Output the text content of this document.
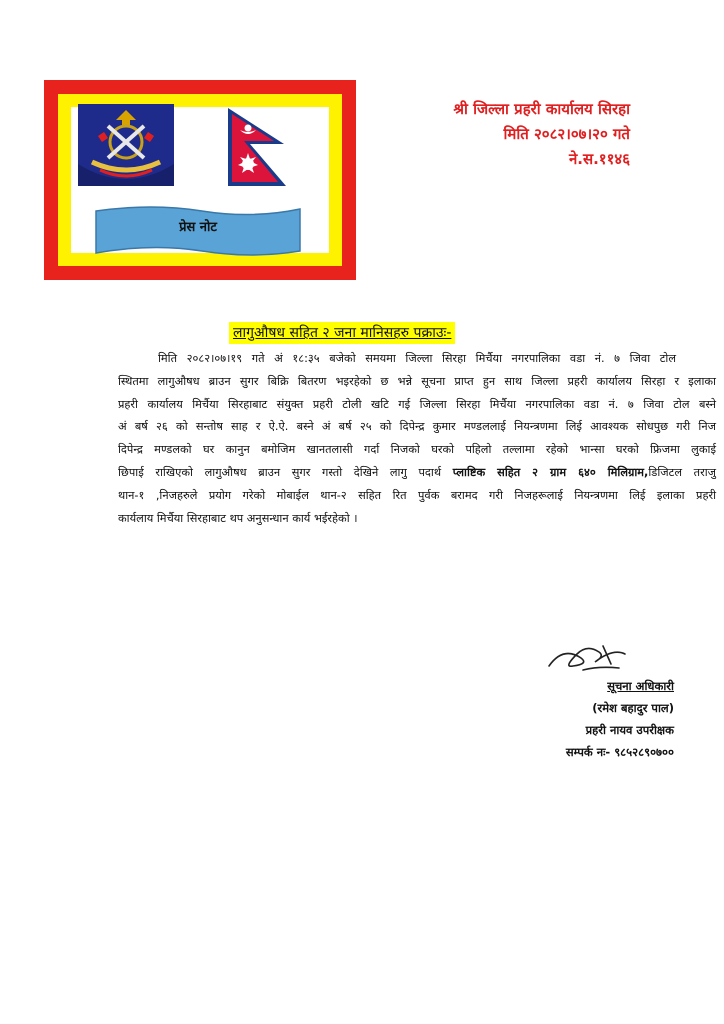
प्रेस नोट
श्री जिल्ला प्रहरी कार्यालय सिरहा
मिति २०८२।०७।२० गते
ने.स.११४६
लागुऔषध सहित २ जना मानिसहरु पक्राउः-
मिति २०८२।०७।१९ गते अं १८:३५ बजेको समयमा जिल्ला सिरहा मिर्चैया नगरपालिका वडा नं. ७ जिवा टोल
स्थितमा लागुऔषध ब्राउन सुगर बिक्रि बितरण भइरहेको छ भन्ने सूचना प्राप्त हुन साथ जिल्ला प्रहरी कार्यालय सिरहा र इलाका
प्रहरी कार्यालय मिर्चैया सिरहाबाट संयुक्त प्रहरी टोली खटि गई जिल्ला सिरहा मिर्चैया नगरपालिका वडा नं. ७ जिवा टोल बस्ने
अं बर्ष २६ को सन्तोष साह र ऐ.ऐ. बस्ने अं बर्ष २५ को दिपेन्द्र कुमार मण्डललाई नियन्त्रणमा लिई आवश्यक सोधपुछ गरी निज
दिपेन्द्र मण्डलको घर कानुन बमोजिम खानतलासी गर्दा निजको घरको पहिलो तल्लामा रहेको भान्सा घरको फ्रिजमा लुकाई
छिपाई राखिएको लागुऔषध ब्राउन सुगर गस्तो देखिने लागु पदार्थ प्लाष्टिक सहित २ ग्राम ६४० मिलिग्राम,डिजिटल तराजु
थान-१ ,निजहरुले प्रयोग गरेको मोबाईल थान-२ सहित रित पुर्वक बरामद गरी निजहरूलाई नियन्त्रणमा लिई इलाका प्रहरी
कार्यलाय मिर्चैया सिरहाबाट थप अनुसन्धान कार्य भईरहेको ।
सूचना अधिकारी
(रमेश बहादुर पाल)
प्रहरी नायव उपरीक्षक
सम्पर्क नः- ९८५२८९०७००
